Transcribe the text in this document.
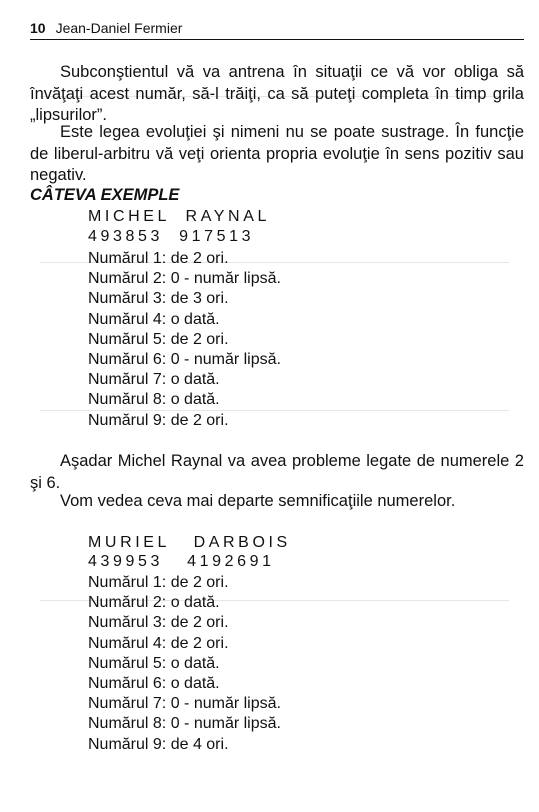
10 Jean-Daniel Fermier
Subconştientul vă va antrena în situaţii ce vă vor obliga să învăţaţi acest număr, să-l trăiţi, ca să puteţi completa în timp grila „lipsurilor”.
Este legea evoluţiei şi nimeni nu se poate sustrage. În funcţie de liberul-arbitru vă veţi orienta propria evoluţie în sens pozitiv sau negativ.
CÂTEVA EXEMPLE
MICHEL  RAYNAL
493853  917513
Numărul 1: de 2 ori.
Numărul 2: 0 - număr lipsă.
Numărul 3: de 3 ori.
Numărul 4: o dată.
Numărul 5: de 2 ori.
Numărul 6: 0 - număr lipsă.
Numărul 7: o dată.
Numărul 8: o dată.
Numărul 9: de 2 ori.
Aşadar Michel Raynal va avea probleme legate de numerele 2 şi 6.
Vom vedea ceva mai departe semnificaţiile numerelor.
MURIEL   DARBOIS
439953   4192691
Numărul 1: de 2 ori.
Numărul 2: o dată.
Numărul 3: de 2 ori.
Numărul 4: de 2 ori.
Numărul 5: o dată.
Numărul 6: o dată.
Numărul 7: 0 - număr lipsă.
Numărul 8: 0 - număr lipsă.
Numărul 9: de 4 ori.
